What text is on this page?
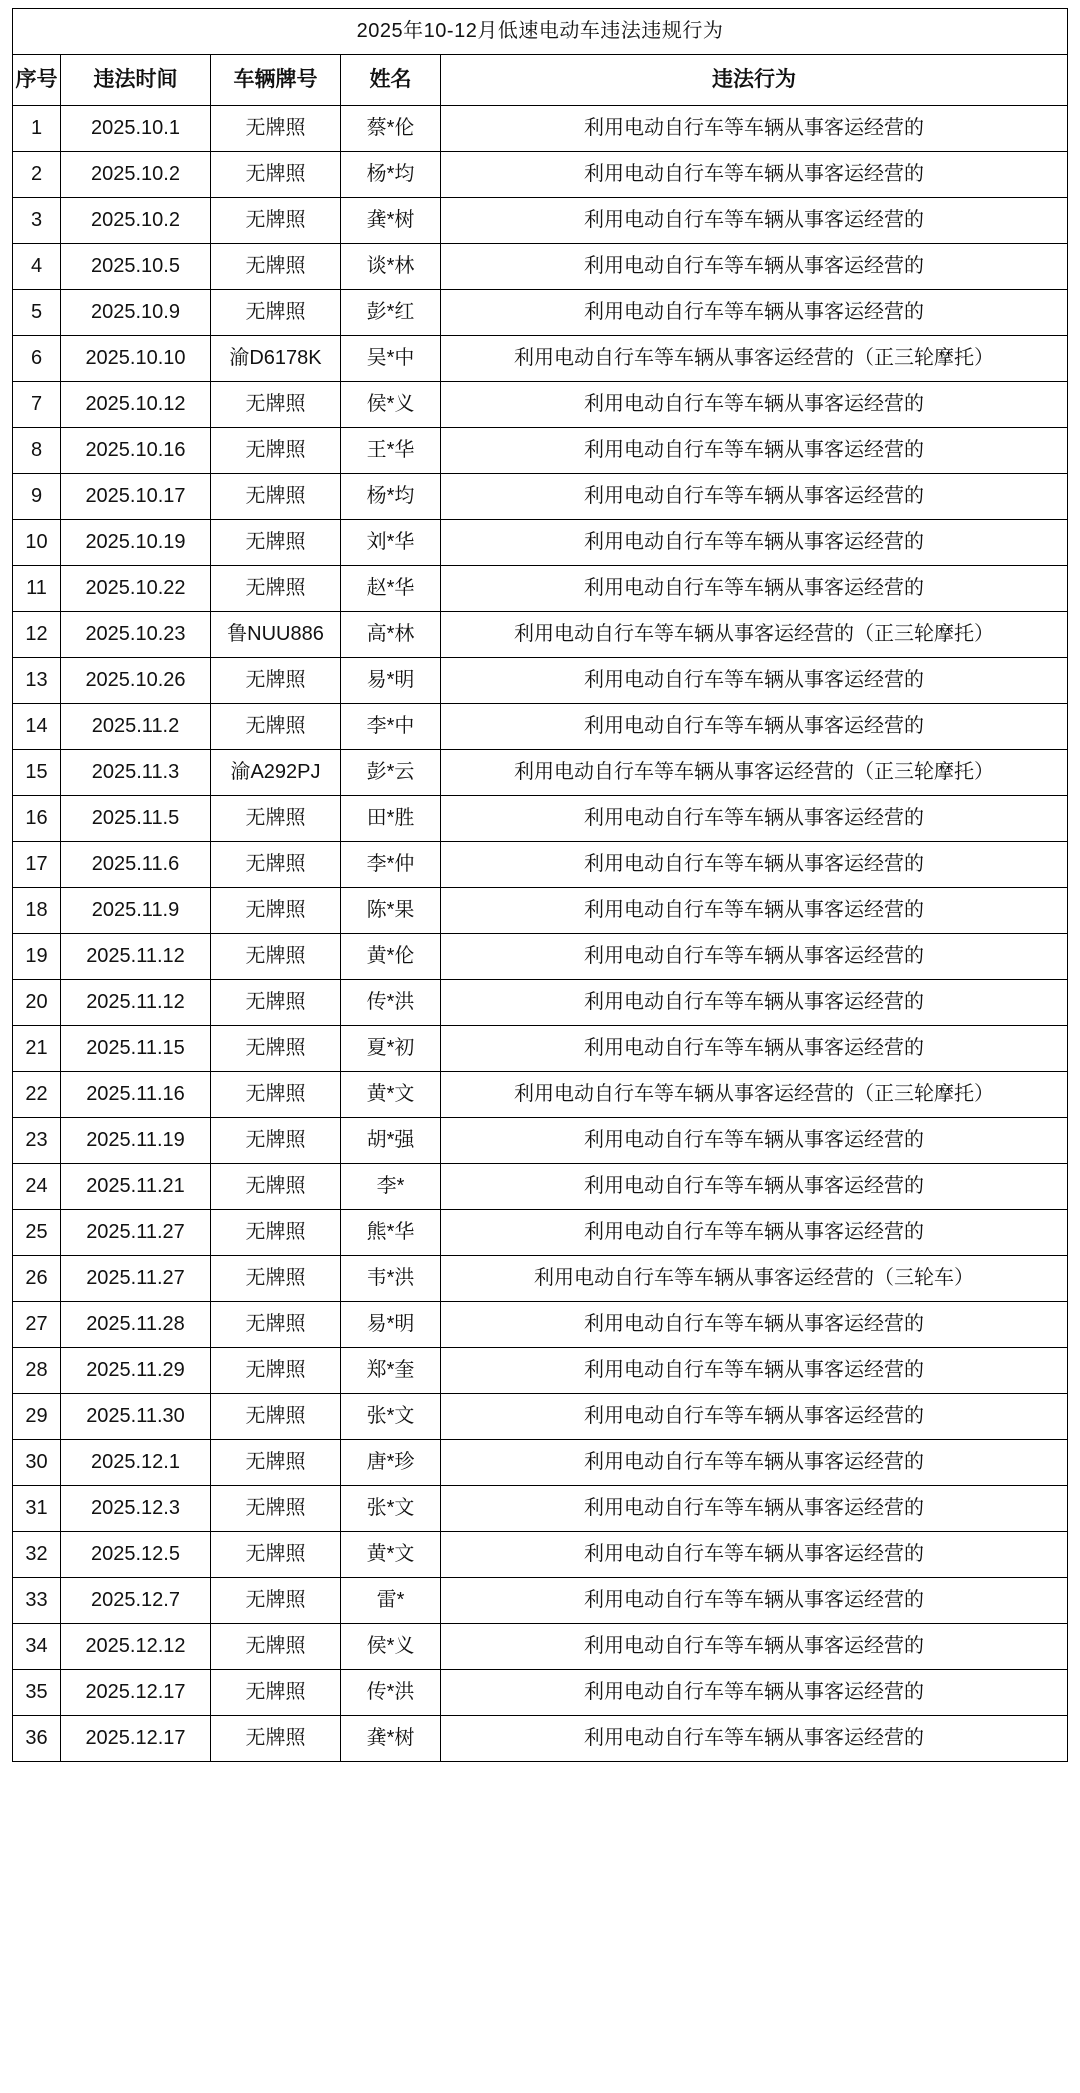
2025年10-12月低速电动车违法违规行为				
序号	违法时间	车辆牌号	姓名	违法行为
1	2025.10.1	无牌照	蔡*伦	利用电动自行车等车辆从事客运经营的
2	2025.10.2	无牌照	杨*均	利用电动自行车等车辆从事客运经营的
3	2025.10.2	无牌照	龚*树	利用电动自行车等车辆从事客运经营的
4	2025.10.5	无牌照	谈*林	利用电动自行车等车辆从事客运经营的
5	2025.10.9	无牌照	彭*红	利用电动自行车等车辆从事客运经营的
6	2025.10.10	渝D6178K	吴*中	利用电动自行车等车辆从事客运经营的（正三轮摩托）
7	2025.10.12	无牌照	侯*义	利用电动自行车等车辆从事客运经营的
8	2025.10.16	无牌照	王*华	利用电动自行车等车辆从事客运经营的
9	2025.10.17	无牌照	杨*均	利用电动自行车等车辆从事客运经营的
10	2025.10.19	无牌照	刘*华	利用电动自行车等车辆从事客运经营的
11	2025.10.22	无牌照	赵*华	利用电动自行车等车辆从事客运经营的
12	2025.10.23	鲁NUU886	高*林	利用电动自行车等车辆从事客运经营的（正三轮摩托）
13	2025.10.26	无牌照	易*明	利用电动自行车等车辆从事客运经营的
14	2025.11.2	无牌照	李*中	利用电动自行车等车辆从事客运经营的
15	2025.11.3	渝A292PJ	彭*云	利用电动自行车等车辆从事客运经营的（正三轮摩托）
16	2025.11.5	无牌照	田*胜	利用电动自行车等车辆从事客运经营的
17	2025.11.6	无牌照	李*仲	利用电动自行车等车辆从事客运经营的
18	2025.11.9	无牌照	陈*果	利用电动自行车等车辆从事客运经营的
19	2025.11.12	无牌照	黄*伦	利用电动自行车等车辆从事客运经营的
20	2025.11.12	无牌照	传*洪	利用电动自行车等车辆从事客运经营的
21	2025.11.15	无牌照	夏*初	利用电动自行车等车辆从事客运经营的
22	2025.11.16	无牌照	黄*文	利用电动自行车等车辆从事客运经营的（正三轮摩托）
23	2025.11.19	无牌照	胡*强	利用电动自行车等车辆从事客运经营的
24	2025.11.21	无牌照	李*	利用电动自行车等车辆从事客运经营的
25	2025.11.27	无牌照	熊*华	利用电动自行车等车辆从事客运经营的
26	2025.11.27	无牌照	韦*洪	利用电动自行车等车辆从事客运经营的（三轮车）
27	2025.11.28	无牌照	易*明	利用电动自行车等车辆从事客运经营的
28	2025.11.29	无牌照	郑*奎	利用电动自行车等车辆从事客运经营的
29	2025.11.30	无牌照	张*文	利用电动自行车等车辆从事客运经营的
30	2025.12.1	无牌照	唐*珍	利用电动自行车等车辆从事客运经营的
31	2025.12.3	无牌照	张*文	利用电动自行车等车辆从事客运经营的
32	2025.12.5	无牌照	黄*文	利用电动自行车等车辆从事客运经营的
33	2025.12.7	无牌照	雷*	利用电动自行车等车辆从事客运经营的
34	2025.12.12	无牌照	侯*义	利用电动自行车等车辆从事客运经营的
35	2025.12.17	无牌照	传*洪	利用电动自行车等车辆从事客运经营的
36	2025.12.17	无牌照	龚*树	利用电动自行车等车辆从事客运经营的
